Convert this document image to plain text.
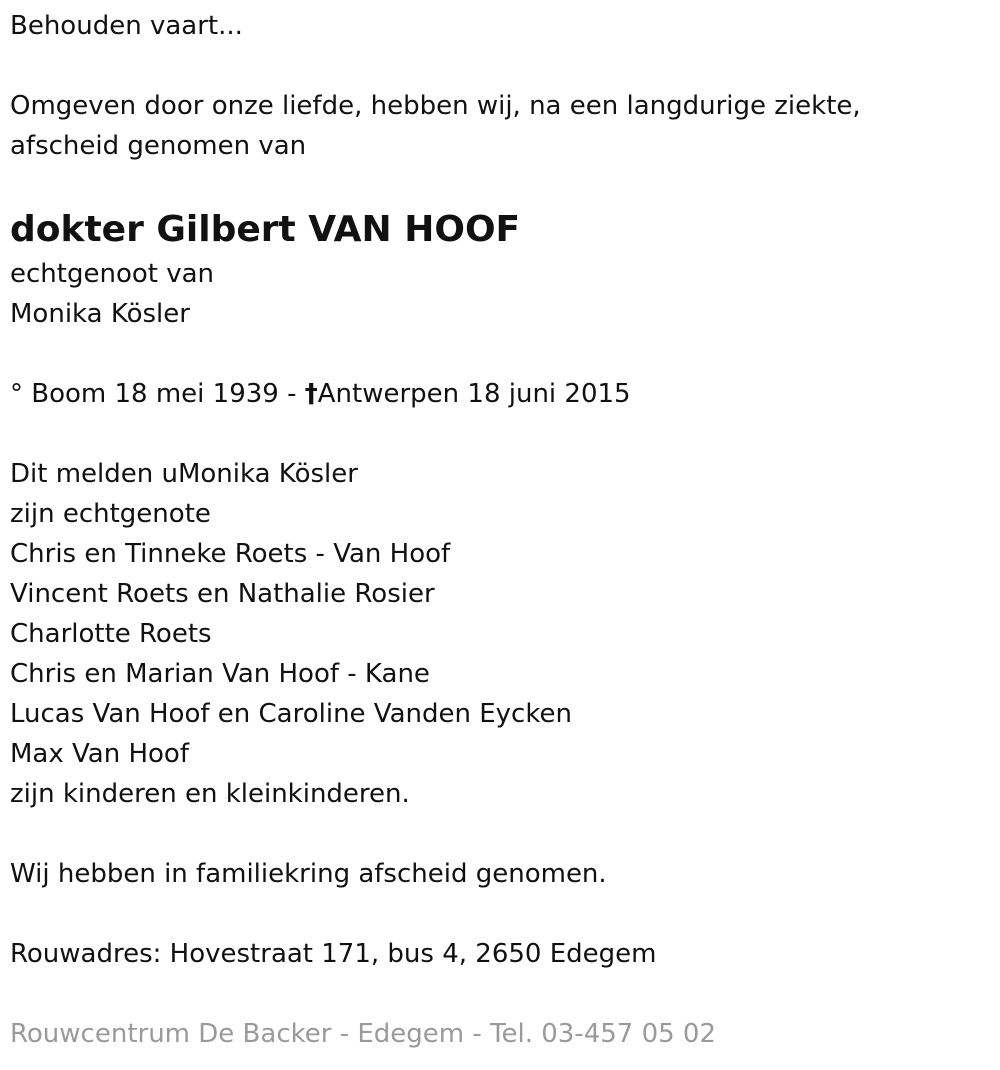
Behouden vaart...
Omgeven door onze liefde, hebben wij, na een langdurige ziekte,
afscheid genomen van
dokter Gilbert VAN HOOF
echtgenoot van
Monika Kösler
° Boom 18 mei 1939 - †Antwerpen 18 juni 2015
Dit melden uMonika Kösler
zijn echtgenote
Chris en Tinneke Roets - Van Hoof
Vincent Roets en Nathalie Rosier
Charlotte Roets
Chris en Marian Van Hoof - Kane
Lucas Van Hoof en Caroline Vanden Eycken
Max Van Hoof
zijn kinderen en kleinkinderen.
Wij hebben in familiekring afscheid genomen.
Rouwadres: Hovestraat 171, bus 4, 2650 Edegem
Rouwcentrum De Backer - Edegem - Tel. 03-457 05 02
